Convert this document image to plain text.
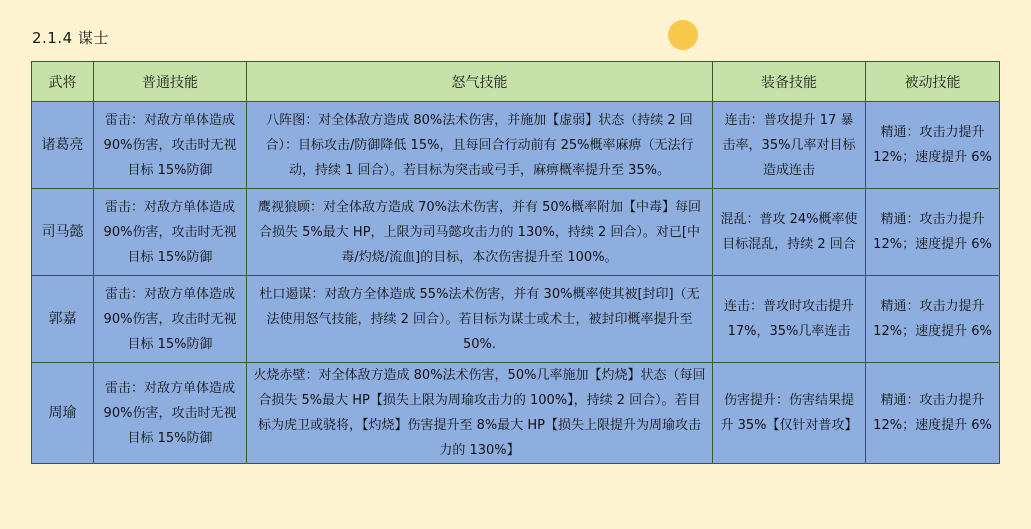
2.1.4 谋士
武将	普通技能	怒气技能	装备技能	被动技能
诸葛亮	雷击：对敌方单体造成 90%伤害，攻击时无视目标 15%防御	八阵图：对全体敌方造成 80%法术伤害，并施加【虚弱】状态（持续 2 回合）：目标攻击/防御降低 15%，且每回合行动前有 25%概率麻痹（无法行动，持续 1 回合）。若目标为突击或弓手，麻痹概率提升至 35%。	连击：普攻提升 17 暴击率，35%几率对目标造成连击	精通：攻击力提升 12%；速度提升 6%
司马懿	雷击：对敌方单体造成 90%伤害，攻击时无视目标 15%防御	鹰视狼顾：对全体敌方造成 70%法术伤害，并有 50%概率附加【中毒】每回合损失 5%最大 HP，上限为司马懿攻击力的 130%，持续 2 回合）。对已[中毒/灼烧/流血]的目标，本次伤害提升至 100%。	混乱：普攻 24%概率使目标混乱，持续 2 回合	精通：攻击力提升 12%；速度提升 6%
郭嘉	雷击：对敌方单体造成 90%伤害，攻击时无视目标 15%防御	杜口遏谋：对敌方全体造成 55%法术伤害，并有 30%概率使其被[封印]（无法使用怒气技能，持续 2 回合）。若目标为谋士或术士，被封印概率提升至 50%.	连击：普攻时攻击提升 17%，35%几率连击	精通：攻击力提升 12%；速度提升 6%
周瑜	雷击：对敌方单体造成 90%伤害，攻击时无视目标 15%防御	火烧赤壁：对全体敌方造成 80%法术伤害，50%几率施加【灼烧】状态（每回合损失 5%最大 HP【损失上限为周瑜攻击力的 100%】，持续 2 回合）。若目标为虎卫或骁将，【灼烧】伤害提升至 8%最大 HP【损失上限提升为周瑜攻击力的 130%】	伤害提升：伤害结果提升 35%【仅针对普攻】	精通：攻击力提升 12%；速度提升 6%
